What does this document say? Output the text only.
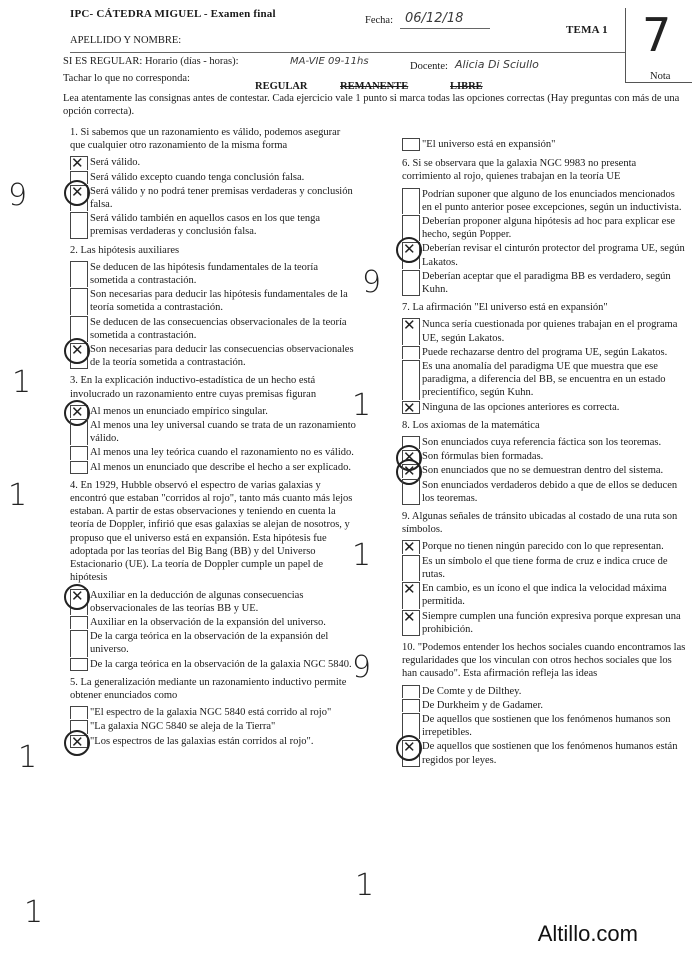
IPC- CÁTEDRA MIGUEL - Examen final
Fecha: 06/12/18
TEMA 1
APELLIDO Y NOMBRE:
SI ES REGULAR: Horario (días - horas):	MA-VIE 09-11hs	Docente: Alicia Di Sciullo
7
Nota
Tachar lo que no corresponda:
REGULAR	REMANENTE	LIBRE
Lea atentamente las consignas antes de contestar. Cada ejercicio vale 1 punto si marca todas las opciones correctas (Hay preguntas con más de una opción correcta).
1. Si sabemos que un razonamiento es válido, podemos asegurar que cualquier otro razonamiento de la misma forma
✕ Será válido.
Será válido excepto cuando tenga conclusión falsa.
✕ Será válido y no podrá tener premisas verdaderas y conclusión falsa.
Será válido también en aquellos casos en los que tenga premisas verdaderas y conclusión falsa.
2. Las hipótesis auxiliares
Se deducen de las hipótesis fundamentales de la teoría sometida a contrastación.
Son necesarias para deducir las hipótesis fundamentales de la teoría sometida a contrastación.
Se deducen de las consecuencias observacionales de la teoría sometida a contrastación.
✕ Son necesarias para deducir las consecuencias observacionales de la teoría sometida a contrastación.
3. En la explicación inductivo-estadística de un hecho está involucrado un razonamiento entre cuyas premisas figuran
✕ Al menos un enunciado empírico singular.
Al menos una ley universal cuando se trata de un razonamiento válido.
Al menos una ley teórica cuando el razonamiento no es válido.
Al menos un enunciado que describe el hecho a ser explicado.
4. En 1929, Hubble observó el espectro de varias galaxias y encontró que estaban "corridos al rojo", tanto más cuanto más lejos estaban. A partir de estas observaciones y teniendo en cuenta la teoría de Doppler, infirió que esas galaxias se alejan de nosotros, y propuso que el universo está en expansión. Esta hipótesis fue adoptada por las teorías del Big Bang (BB) y del Universo Estacionario (UE). La teoría de Doppler cumple un papel de hipótesis
✕ Auxiliar en la deducción de algunas consecuencias observacionales de las teorías BB y UE.
Auxiliar en la observación de la expansión del universo.
De la carga teórica en la observación de la expansión del universo.
De la carga teórica en la observación de la galaxia NGC 5840.
5. La generalización mediante un razonamiento inductivo permite obtener enunciados como
"El espectro de la galaxia NGC 5840 está corrido al rojo"
"La galaxia NGC 5840 se aleja de la Tierra"
✕ "Los espectros de las galaxias están corridos al rojo".
"El universo está en expansión"
6. Si se observara que la galaxia NGC 9983 no presenta corrimiento al rojo, quienes trabajan en la teoría UE
Podrían suponer que alguno de los enunciados mencionados en el punto anterior posee excepciones, según un inductivista.
Deberían proponer alguna hipótesis ad hoc para explicar ese hecho, según Popper.
✕ Deberían revisar el cinturón protector del programa UE, según Lakatos.
Deberían aceptar que el paradigma BB es verdadero, según Kuhn.
7. La afirmación "El universo está en expansión"
✕ Nunca sería cuestionada por quienes trabajan en el programa UE, según Lakatos.
Puede rechazarse dentro del programa UE, según Lakatos.
Es una anomalía del paradigma UE que muestra que ese paradigma, a diferencia del BB, se encuentra en un estado precientífico, según Kuhn.
✕ Ninguna de las opciones anteriores es correcta.
8. Los axiomas de la matemática
Son enunciados cuya referencia fáctica son los teoremas.
✕ Son fórmulas bien formadas.
✕ Son enunciados que no se demuestran dentro del sistema.
Son enunciados verdaderos debido a que de ellos se deducen los teoremas.
9. Algunas señales de tránsito ubicadas al costado de una ruta son símbolos.
✕ Porque no tienen ningún parecido con lo que representan.
Es un símbolo el que tiene forma de cruz e indica cruce de rutas.
✕ En cambio, es un ícono el que indica la velocidad máxima permitida.
✕ Siempre cumplen una función expresiva porque expresan una prohibición.
10. "Podemos entender los hechos sociales cuando encontramos las regularidades que los vinculan con otros hechos sociales que los han causado". Esta afirmación refleja las ideas
De Comte y de Dilthey.
De Durkheim y de Gadamer.
De aquellos que sostienen que los fenómenos humanos son irrepetibles.
✕ De aquellos que sostienen que los fenómenos humanos están regidos por leyes.
9
1
1
1
1
9
1
1
9
1
Altillo.com
